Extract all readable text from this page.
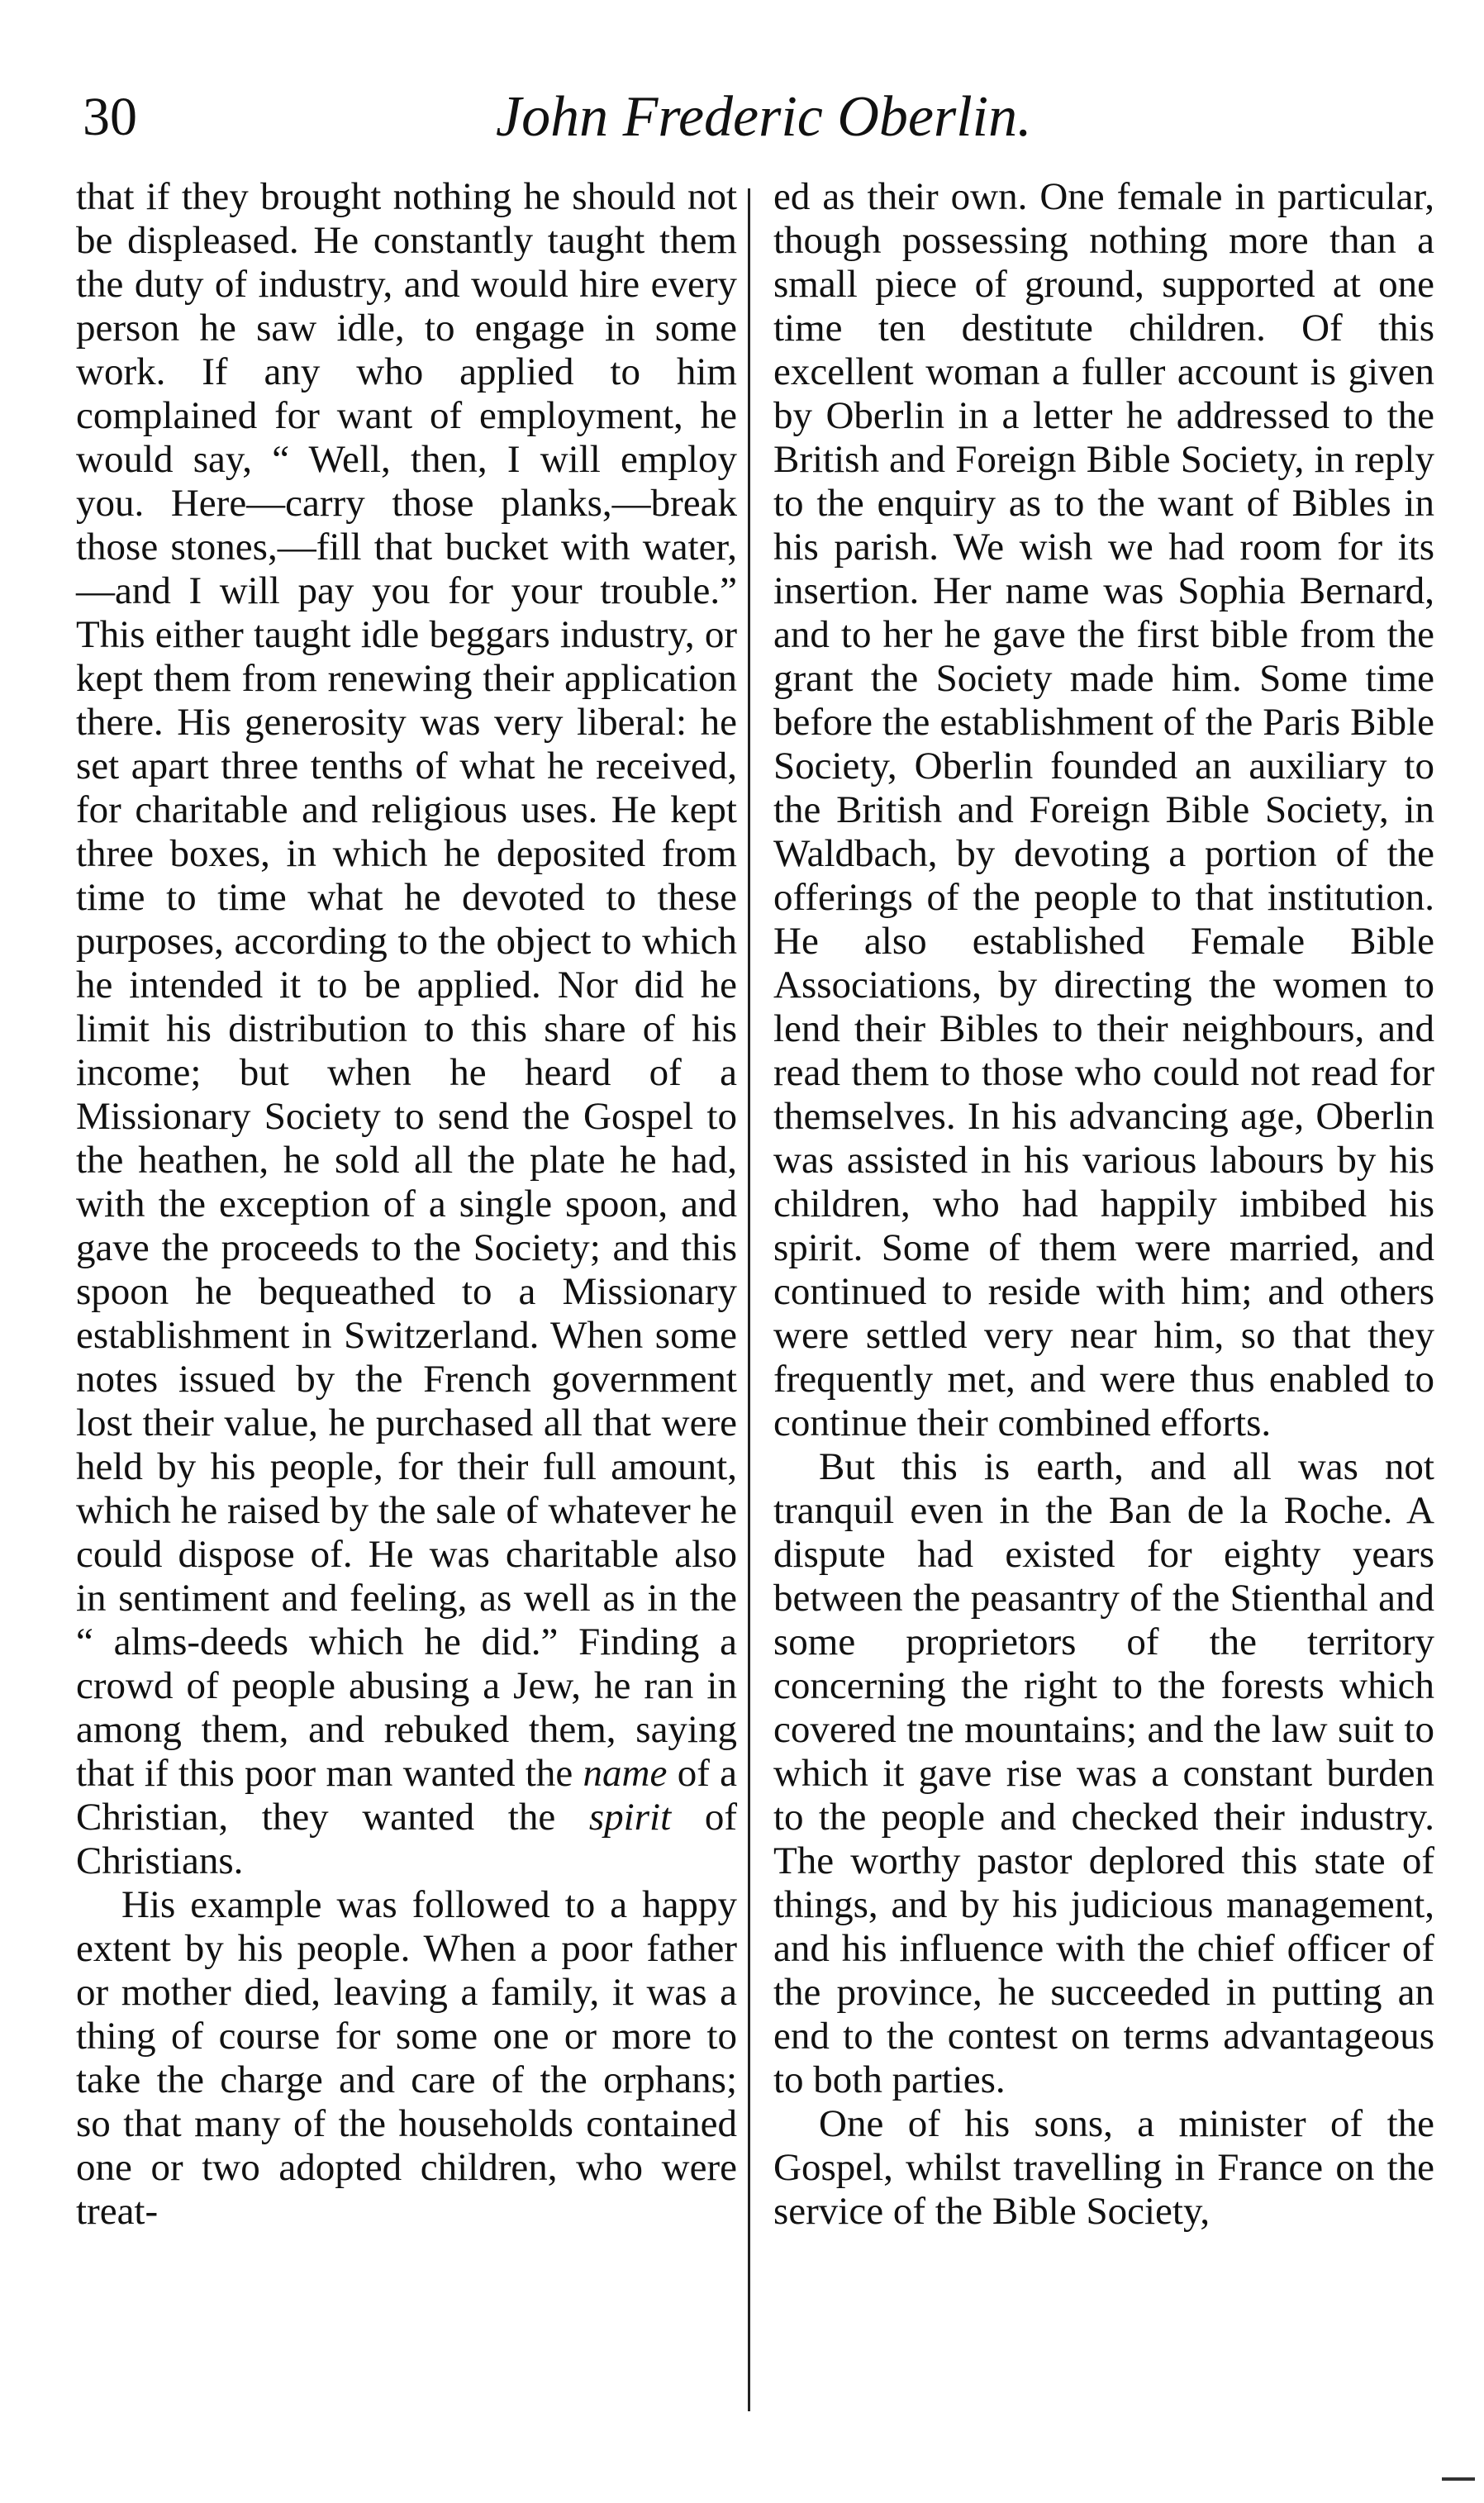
30	John Frederic Oberlin.

that if they brought nothing he should not be displeased. He constantly taught them the duty of industry, and would hire every person he saw idle, to engage in some work. If any who applied to him complained for want of employment, he would say, “ Well, then, I will employ you. Here—carry those planks,—break those stones,—fill that bucket with water,—and I will pay you for your trouble.” This either taught idle beggars industry, or kept them from renewing their application there. His generosity was very liberal: he set apart three tenths of what he received, for charitable and religious uses. He kept three boxes, in which he deposited from time to time what he devoted to these purposes, according to the object to which he intended it to be applied. Nor did he limit his distribution to this share of his income; but when he heard of a Missionary Society to send the Gospel to the heathen, he sold all the plate he had, with the exception of a single spoon, and gave the proceeds to the Society; and this spoon he bequeathed to a Missionary establishment in Switzerland. When some notes issued by the French government lost their value, he purchased all that were held by his people, for their full amount, which he raised by the sale of whatever he could dispose of. He was charitable also in sentiment and feeling, as well as in the “ alms-deeds which he did.” Finding a crowd of people abusing a Jew, he ran in among them, and rebuked them, saying that if this poor man wanted the name of a Christian, they wanted the spirit of Christians.

His example was followed to a happy extent by his people. When a poor father or mother died, leaving a family, it was a thing of course for some one or more to take the charge and care of the orphans; so that many of the households contained one or two adopted children, who were treat-

ed as their own. One female in particular, though possessing nothing more than a small piece of ground, supported at one time ten destitute children. Of this excellent woman a fuller account is given by Oberlin in a letter he addressed to the British and Foreign Bible Society, in reply to the enquiry as to the want of Bibles in his parish. We wish we had room for its insertion. Her name was Sophia Bernard, and to her he gave the first bible from the grant the Society made him. Some time before the establishment of the Paris Bible Society, Oberlin founded an auxiliary to the British and Foreign Bible Society, in Waldbach, by devoting a portion of the offerings of the people to that institution. He also established Female Bible Associations, by directing the women to lend their Bibles to their neighbours, and read them to those who could not read for themselves. In his advancing age, Oberlin was assisted in his various labours by his children, who had happily imbibed his spirit. Some of them were married, and continued to reside with him; and others were settled very near him, so that they frequently met, and were thus enabled to continue their combined efforts.

But this is earth, and all was not tranquil even in the Ban de la Roche. A dispute had existed for eighty years between the peasantry of the Stienthal and some proprietors of the territory concerning the right to the forests which covered tne mountains; and the law suit to which it gave rise was a constant burden to the people and checked their industry. The worthy pastor deplored this state of things, and by his judicious management, and his influence with the chief officer of the province, he succeeded in putting an end to the contest on terms advantageous to both parties.

One of his sons, a minister of the Gospel, whilst travelling in France on the service of the Bible Society,
